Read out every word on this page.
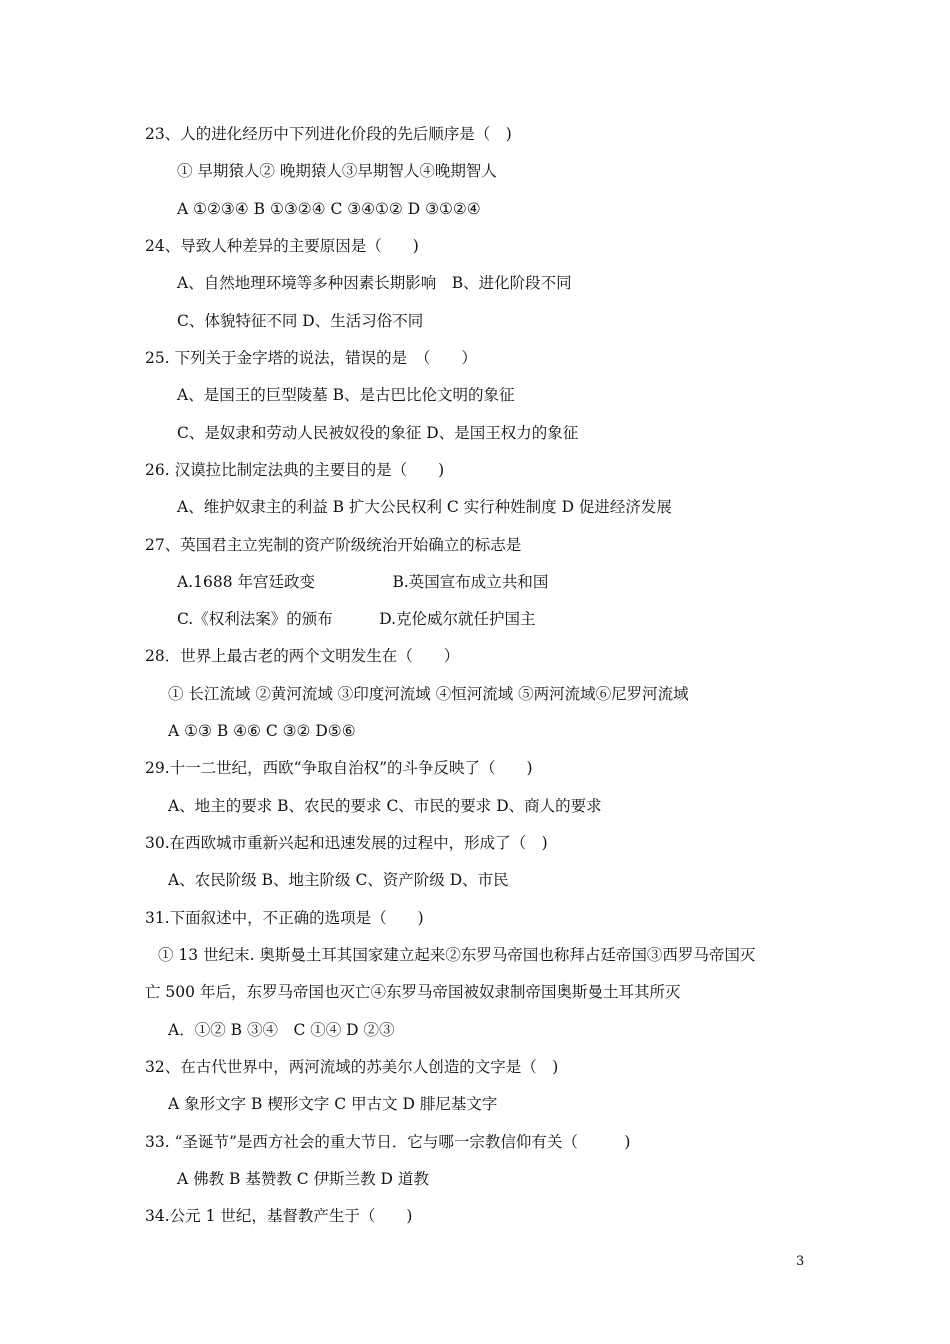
23、人的进化经历中下列进化价段的先后顺序是（　)
① 早期猿人② 晚期猿人③早期智人④晚期智人
A ①②③④ B ①③②④ C ③④①② D ③①②④
24、导致人种差异的主要原因是（　　)
A、自然地理环境等多种因素长期影响　B、进化阶段不同
C、体貌特征不同 D、生活习俗不同
25. 下列关于金字塔的说法，错误的是　（　　）
A、是国王的巨型陵墓 B、是古巴比伦文明的象征
C、是奴隶和劳动人民被奴役的象征 D、是国王权力的象征
26. 汉谟拉比制定法典的主要目的是（　　)
A、维护奴隶主的利益 B 扩大公民权利 C 实行种姓制度 D 促进经济发展
27、英国君主立宪制的资产阶级统治开始确立的标志是
A.1688 年宫廷政变　　　　　B.英国宣布成立共和国
C.《权利法案》的颁布　　　D.克伦威尔就任护国主
28．世界上最古老的两个文明发生在（　　）
① 长江流域 ②黄河流域 ③印度河流域 ④恒河流域 ⑤两河流域⑥尼罗河流域
A ①③ B ④⑥ C ③② D⑤⑥
29.十一二世纪，西欧“争取自治权”的斗争反映了（　　)
A、地主的要求 B、农民的要求 C、市民的要求 D、商人的要求
30.在西欧城市重新兴起和迅速发展的过程中，形成了（　)
A、农民阶级 B、地主阶级 C、资产阶级 D、市民
31.下面叙述中，不正确的选项是（　　)
① 13 世纪末. 奥斯曼土耳其国家建立起来②东罗马帝国也称拜占廷帝国③西罗马帝国灭
亡 500 年后，东罗马帝国也灭亡④东罗马帝国被奴隶制帝国奥斯曼土耳其所灭
A．①② B ③④　C ①④ D ②③
32、在古代世界中，两河流域的苏美尔人创造的文字是（　)
A 象形文字 B 楔形文字 C 甲古文 D 腓尼基文字
33. “圣诞节”是西方社会的重大节日．它与哪一宗教信仰有关（　　　)
A 佛教 B 基赞教 C 伊斯兰教 D 道教
34.公元 1 世纪，基督教产生于（　　)
3
